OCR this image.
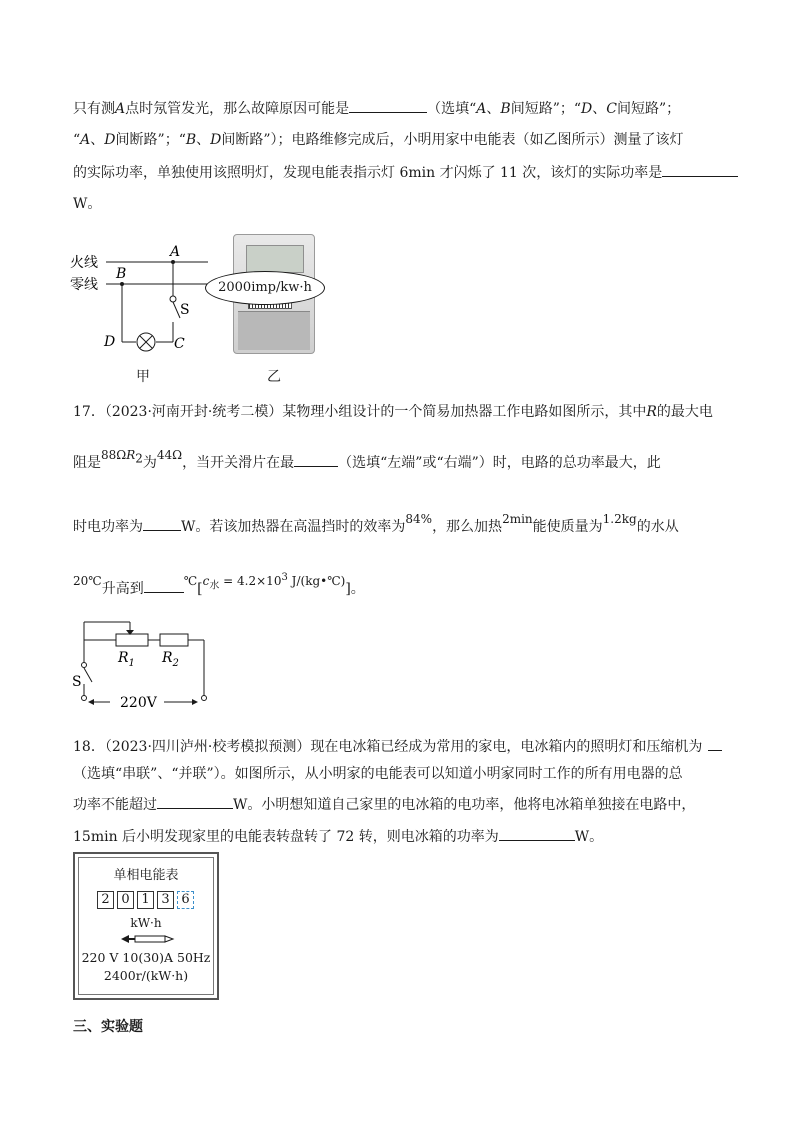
只有测A点时氖管发光，那么故障原因可能是	（选填“A、B间短路”；“D、C间短路”；
“A、D间断路”；“B、D间断路”）；电路维修完成后，小明用家中电能表（如乙图所示）测量了该灯
的实际功率，单独使用该照明灯，发现电能表指示灯 6min 才闪烁了 11 次，该灯的实际功率是
W。
火线
零线
A
B
S
D	C
甲
2000imp/kw·h
乙
17．（2023·河南开封·统考二模）某物理小组设计的一个简易加热器工作电路如图所示，其中R的最大电
阻是$88\Omega R_2$为44Ω，当开关滑片在最	（选填“左端”或“右端”）时，电路的总功率最大，此
时电功率为	W。若该加热器在高温挡时的效率为84%，那么加热2min能使质量为1.2kg的水从
20℃升高到	$℃[c_水 = 4.2\times 10^3$ J/(kg•℃)]。
$R_1$ $R_2$
S
220V
18．（2023·四川泸州·校考模拟预测）现在电冰箱已经成为常用的家电，电冰箱内的照明灯和压缩机为
（选填“串联”、“并联”）。如图所示，从小明家的电能表可以知道小明家同时工作的所有用电器的总
功率不能超过	W。小明想知道自己家里的电冰箱的电功率，他将电冰箱单独接在电路中，
15min 后小明发现家里的电能表转盘转了 72 转，则电冰箱的功率为	W。
单相电能表
2 0 1 3 6
kW·h
220 V 10(30)A 50Hz
2400r/(kW·h)
三、实验题
